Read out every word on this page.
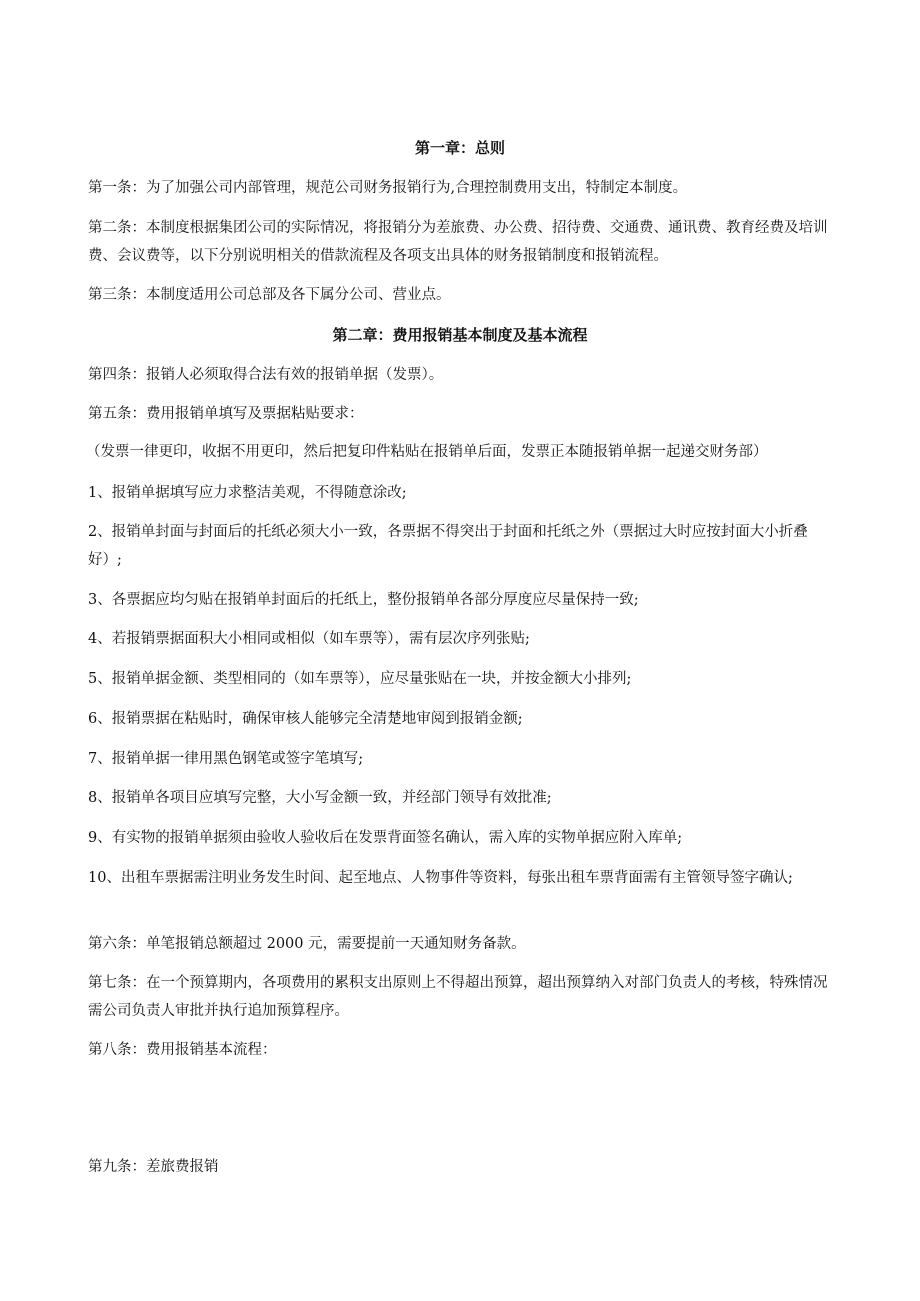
第一章：总则
第一条：为了加强公司内部管理，规范公司财务报销行为,合理控制费用支出，特制定本制度。
第二条：本制度根据集团公司的实际情况，将报销分为差旅费、办公费、招待费、交通费、通讯费、教育经费及培训费、会议费等，以下分别说明相关的借款流程及各项支出具体的财务报销制度和报销流程。
第三条：本制度适用公司总部及各下属分公司、营业点。
第二章：费用报销基本制度及基本流程
第四条：报销人必须取得合法有效的报销单据（发票）。
第五条：费用报销单填写及票据粘贴要求：
（发票一律更印，收据不用更印，然后把复印件粘贴在报销单后面，发票正本随报销单据一起递交财务部）
1、报销单据填写应力求整洁美观，不得随意涂改;
2、报销单封面与封面后的托纸必须大小一致，各票据不得突出于封面和托纸之外（票据过大时应按封面大小折叠好）;
3、各票据应均匀贴在报销单封面后的托纸上，整份报销单各部分厚度应尽量保持一致;
4、若报销票据面积大小相同或相似（如车票等），需有层次序列张贴;
5、报销单据金额、类型相同的（如车票等），应尽量张贴在一块，并按金额大小排列;
6、报销票据在粘贴时，确保审核人能够完全清楚地审阅到报销金额;
7、报销单据一律用黑色钢笔或签字笔填写;
8、报销单各项目应填写完整，大小写金额一致，并经部门领导有效批准;
9、有实物的报销单据须由验收人验收后在发票背面签名确认，需入库的实物单据应附入库单;
10、出租车票据需注明业务发生时间、起至地点、人物事件等资料，每张出租车票背面需有主管领导签字确认;
第六条：单笔报销总额超过 2000 元，需要提前一天通知财务备款。
第七条：在一个预算期内，各项费用的累积支出原则上不得超出预算，超出预算纳入对部门负责人的考核，特殊情况需公司负责人审批并执行追加预算程序。
第八条：费用报销基本流程：
第九条：差旅费报销
